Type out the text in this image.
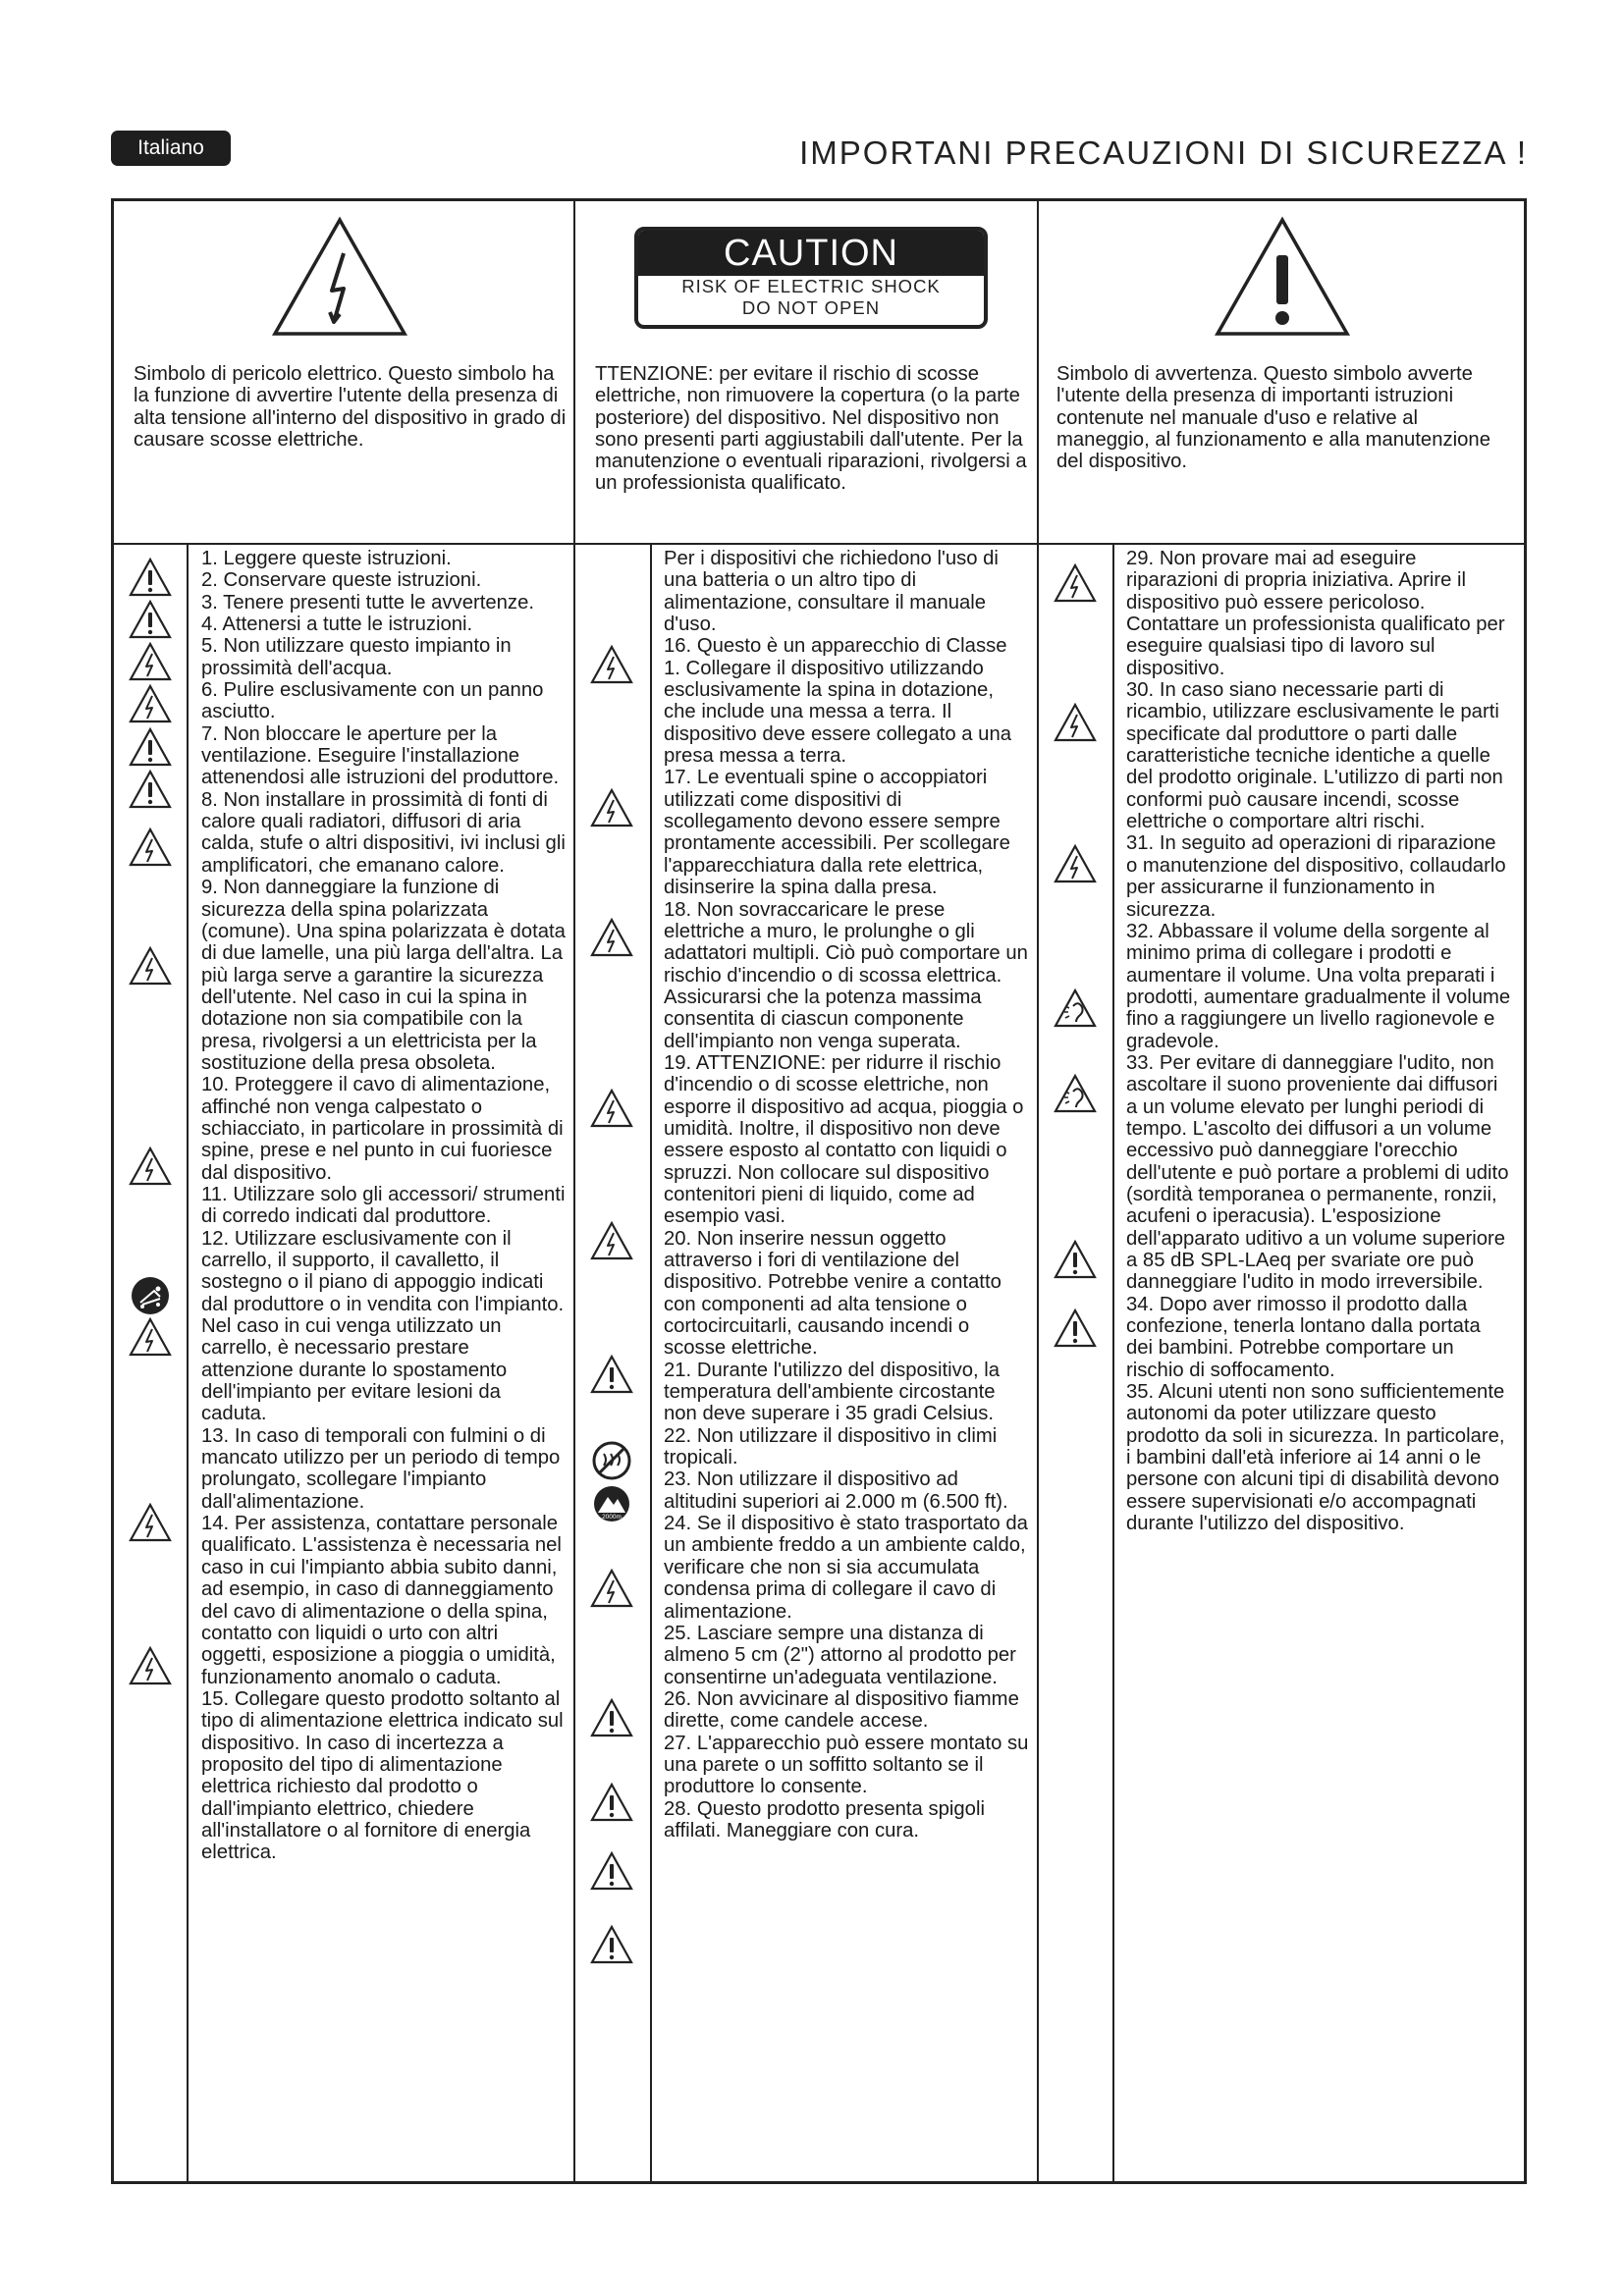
Italiano	IMPORTANI PRECAUZIONI DI SICUREZZA !
CAUTION
RISK OF ELECTRIC SHOCK
DO NOT OPEN
Simbolo di pericolo elettrico. Questo simbolo ha la funzione di avvertire l'utente della presenza di alta tensione all'interno del dispositivo in grado di causare scosse elettriche.
TTENZIONE: per evitare il rischio di scosse elettriche, non rimuovere la copertura (o la parte posteriore) del dispositivo. Nel dispositivo non sono presenti parti aggiustabili dall'utente. Per la manutenzione o eventuali riparazioni, rivolgersi a un professionista qualificato.
Simbolo di avvertenza. Questo simbolo avverte l'utente della presenza di importanti istruzioni contenute nel manuale d'uso e relative al maneggio, al funzionamento e alla manutenzione del dispositivo.
2000m

1. Leggere queste istruzioni.

2. Conservare queste istruzioni.

3. Tenere presenti tutte le avvertenze.

4. Attenersi a tutte le istruzioni.

5. Non utilizzare questo impianto in prossimità dell'acqua.

6. Pulire esclusivamente con un panno asciutto.

7. Non bloccare le aperture per la ventilazione. Eseguire l'installazione attenendosi alle istruzioni del produttore.

8. Non installare in prossimità di fonti di calore quali radiatori, diffusori di aria calda, stufe o altri dispositivi, ivi inclusi gli amplificatori, che emanano calore.

9. Non danneggiare la funzione di sicurezza della spina polarizzata (comune). Una spina polarizzata è dotata di due lamelle, una più larga dell'altra. La più larga serve a garantire la sicurezza dell'utente. Nel caso in cui la spina in dotazione non sia compatibile con la presa, rivolgersi a un elettricista per la sostituzione della presa obsoleta.

10. Proteggere il cavo di alimentazione, affinché non venga calpestato o schiacciato, in particolare in prossimità di spine, prese e nel punto in cui fuoriesce dal dispositivo.

11. Utilizzare solo gli accessori/ strumenti di corredo indicati dal produttore.

12. Utilizzare esclusivamente con il carrello, il supporto, il cavalletto, il sostegno o il piano di appoggio indicati dal produttore o in vendita con l'impianto. Nel caso in cui venga utilizzato un carrello, è necessario prestare attenzione durante lo spostamento dell'impianto per evitare lesioni da caduta.

13. In caso di temporali con fulmini o di mancato utilizzo per un periodo di tempo prolungato, scollegare l'impianto dall'alimentazione.

14. Per assistenza, contattare personale qualificato. L'assistenza è necessaria nel caso in cui l'impianto abbia subito danni, ad esempio, in caso di danneggiamento del cavo di alimentazione o della spina, contatto con liquidi o urto con altri oggetti, esposizione a pioggia o umidità, funzionamento anomalo o caduta.

15. Collegare questo prodotto soltanto al tipo di alimentazione elettrica indicato sul dispositivo. In caso di incertezza a proposito del tipo di alimentazione elettrica richiesto dal prodotto o dall'impianto elettrico, chiedere all'installatore o al fornitore di energia elettrica.

Per i dispositivi che richiedono l'uso di una batteria o un altro tipo di alimentazione, consultare il manuale d'uso.

16. Questo è un apparecchio di Classe 1. Collegare il dispositivo utilizzando esclusivamente la spina in dotazione, che include una messa a terra. Il dispositivo deve essere collegato a una presa messa a terra.

17. Le eventuali spine o accoppiatori utilizzati come dispositivi di scollegamento devono essere sempre prontamente accessibili. Per scollegare l'apparecchiatura dalla rete elettrica, disinserire la spina dalla presa.

18. Non sovraccaricare le prese elettriche a muro, le prolunghe o gli adattatori multipli. Ciò può comportare un rischio d'incendio o di scossa elettrica. Assicurarsi che la potenza massima consentita di ciascun componente dell'impianto non venga superata.

19. ATTENZIONE: per ridurre il rischio d'incendio o di scosse elettriche, non esporre il dispositivo ad acqua, pioggia o umidità. Inoltre, il dispositivo non deve essere esposto al contatto con liquidi o spruzzi. Non collocare sul dispositivo contenitori pieni di liquido, come ad esempio vasi.

20. Non inserire nessun oggetto attraverso i fori di ventilazione del dispositivo. Potrebbe venire a contatto con componenti ad alta tensione o cortocircuitarli, causando incendi o scosse elettriche.

21. Durante l'utilizzo del dispositivo, la temperatura dell'ambiente circostante non deve superare i 35 gradi Celsius.

22. Non utilizzare il dispositivo in climi tropicali.

23. Non utilizzare il dispositivo ad altitudini superiori ai 2.000 m (6.500 ft).

24. Se il dispositivo è stato trasportato da un ambiente freddo a un ambiente caldo, verificare che non si sia accumulata condensa prima di collegare il cavo di alimentazione.

25. Lasciare sempre una distanza di almeno 5 cm (2") attorno al prodotto per consentirne un'adeguata ventilazione.

26. Non avvicinare al dispositivo fiamme dirette, come candele accese.

27. L'apparecchio può essere montato su una parete o un soffitto soltanto se il produttore lo consente.

28. Questo prodotto presenta spigoli affilati. Maneggiare con cura.

29. Non provare mai ad eseguire riparazioni di propria iniziativa. Aprire il dispositivo può essere pericoloso. Contattare un professionista qualificato per eseguire qualsiasi tipo di lavoro sul dispositivo.

30. In caso siano necessarie parti di ricambio, utilizzare esclusivamente le parti specificate dal produttore o parti dalle caratteristiche tecniche identiche a quelle del prodotto originale. L'utilizzo di parti non conformi può causare incendi, scosse elettriche o comportare altri rischi.

31. In seguito ad operazioni di riparazione o manutenzione del dispositivo, collaudarlo per assicurarne il funzionamento in sicurezza.

32. Abbassare il volume della sorgente al minimo prima di collegare i prodotti e aumentare il volume. Una volta preparati i prodotti, aumentare gradualmente il volume fino a raggiungere un livello ragionevole e gradevole.

33. Per evitare di danneggiare l'udito, non ascoltare il suono proveniente dai diffusori a un volume elevato per lunghi periodi di tempo. L'ascolto dei diffusori a un volume eccessivo può danneggiare l'orecchio dell'utente e può portare a problemi di udito (sordità temporanea o permanente, ronzii, acufeni o iperacusia). L'esposizione dell'apparato uditivo a un volume superiore a 85 dB SPL-LAeq per svariate ore può danneggiare l'udito in modo irreversibile.

34. Dopo aver rimosso il prodotto dalla confezione, tenerla lontano dalla portata dei bambini. Potrebbe comportare un rischio di soffocamento.

35. Alcuni utenti non sono sufficientemente autonomi da poter utilizzare questo prodotto da soli in sicurezza. In particolare, i bambini dall'età inferiore ai 14 anni o le persone con alcuni tipi di disabilità devono essere supervisionati e/o accompagnati durante l'utilizzo del dispositivo.
